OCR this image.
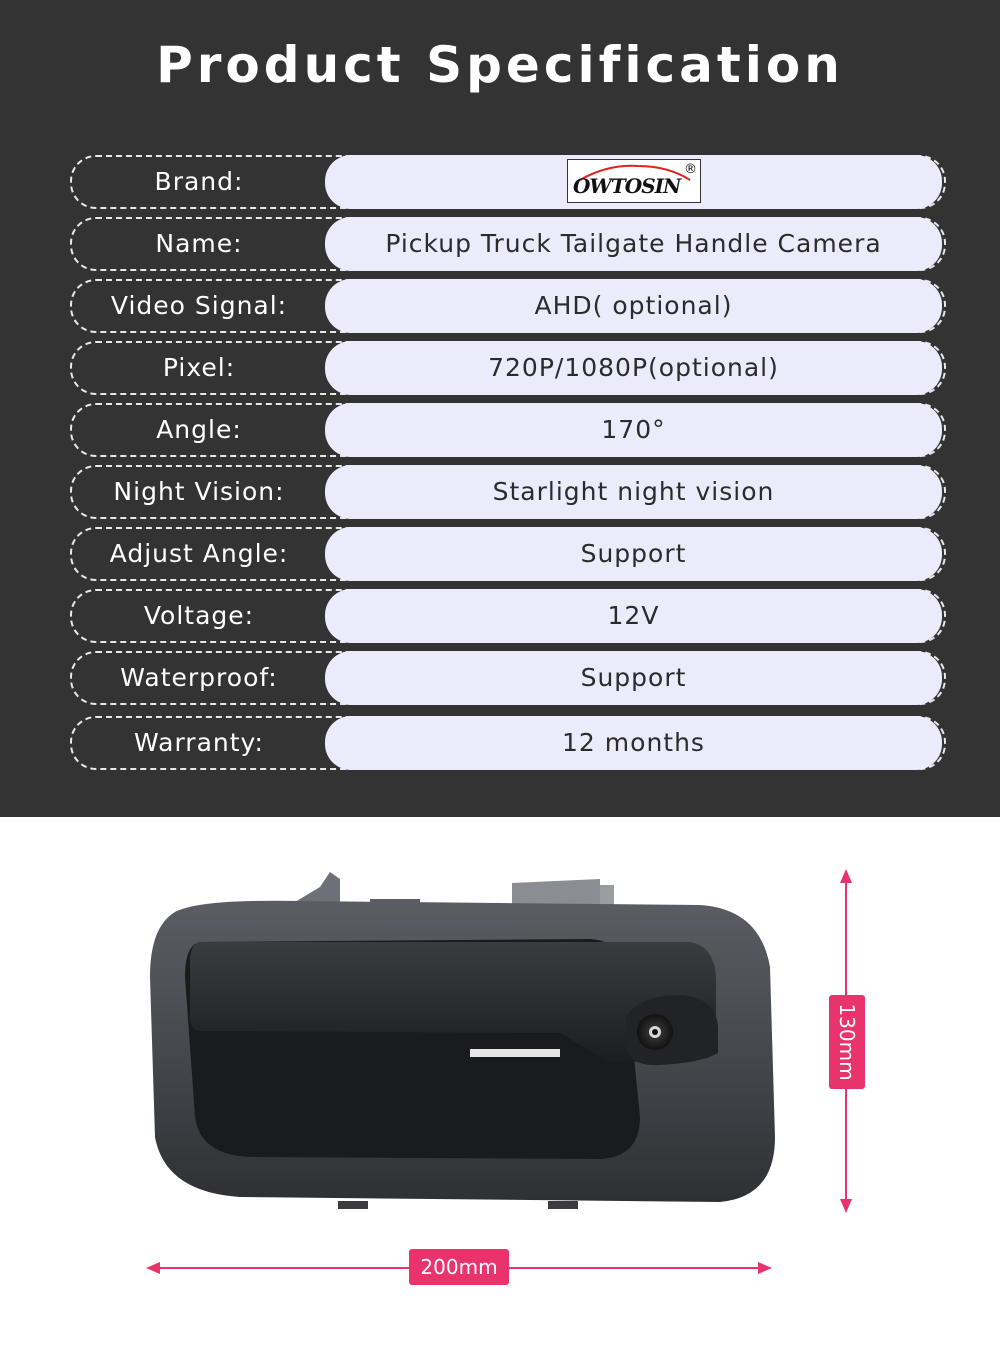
Product Specification
Brand:	OWTOSIN
®
Name:	Pickup Truck Tailgate Handle Camera
Video Signal:	AHD( optional)
Pixel:	720P/1080P(optional)
Angle:	170°
Night Vision:	Starlight night vision
Adjust Angle:	Support
Voltage:	12V
Waterproof:	Support
Warranty:	12 months
200mm
130mm
